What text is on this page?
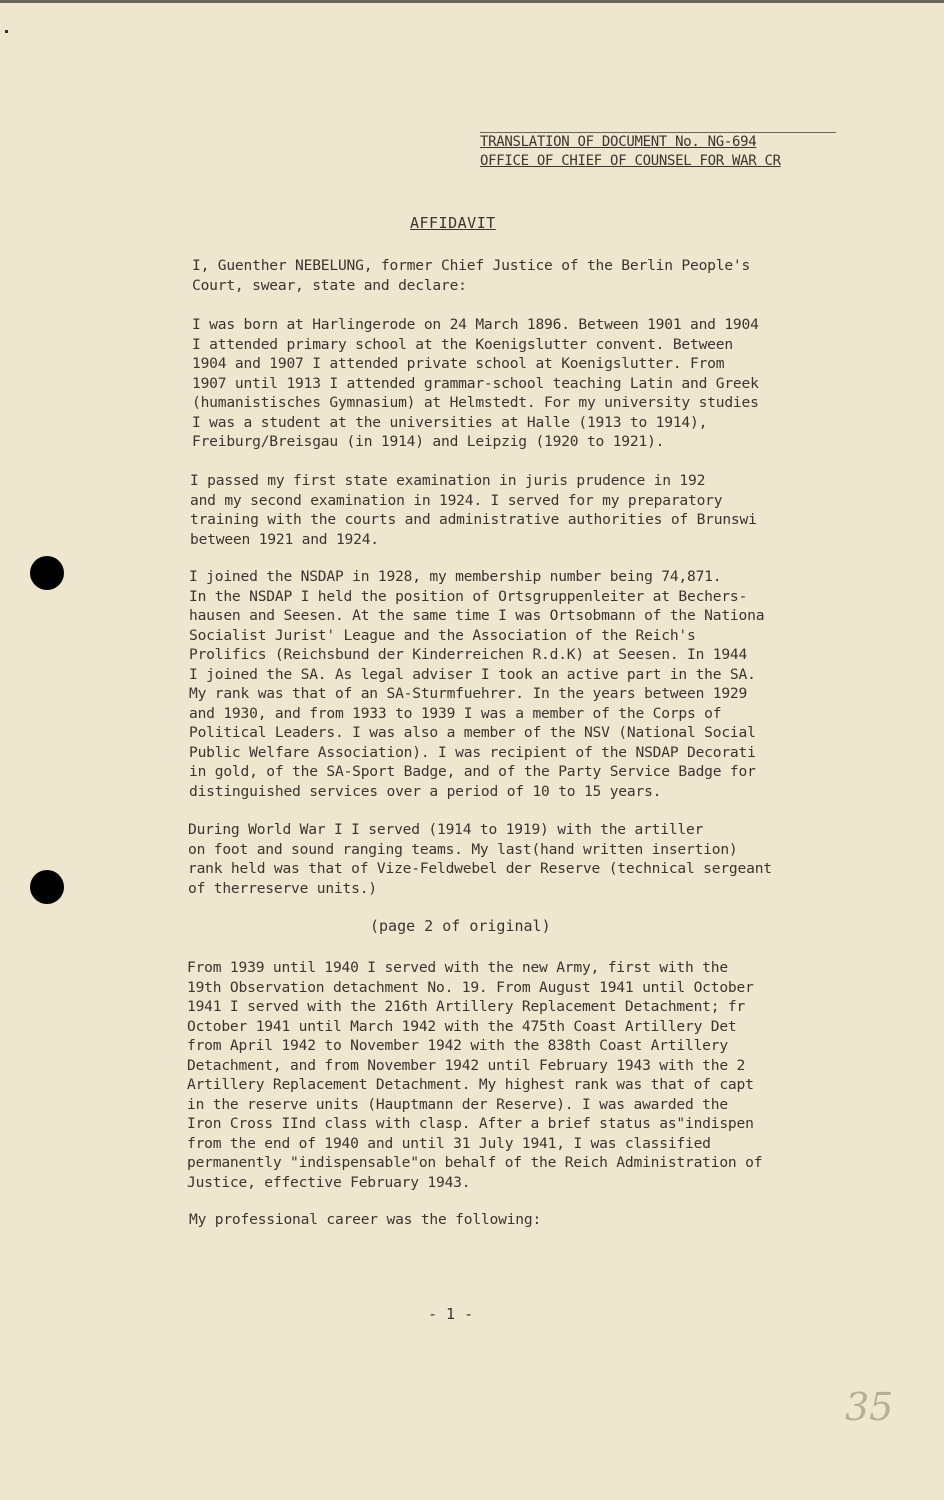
TRANSLATION OF DOCUMENT No. NG-694
OFFICE OF CHIEF OF COUNSEL FOR WAR CR
AFFIDAVIT
I, Guenther NEBELUNG, former Chief Justice of the Berlin People's
Court, swear, state and declare:
I was born at Harlingerode on 24 March 1896. Between 1901 and 1904
I attended primary school at the Koenigslutter convent. Between
1904 and 1907 I attended private school at Koenigslutter. From
1907 until 1913 I attended grammar-school teaching Latin and Greek
(humanistisches Gymnasium) at Helmstedt. For my university studies
I was a student at the universities at Halle (1913 to 1914),
Freiburg/Breisgau (in 1914) and Leipzig (1920 to 1921).
I passed my first state examination in juris prudence in 192
and my second examination in 1924. I served for my preparatory
training with the courts and administrative authorities of Brunswi
between 1921 and 1924.
I joined the NSDAP in 1928, my membership number being 74,871.
In the NSDAP I held the position of Ortsgruppenleiter at Bechers-
hausen and Seesen. At the same time I was Ortsobmann of the Nationa
Socialist Jurist' League and the Association of the Reich's
Prolifics (Reichsbund der Kinderreichen R.d.K) at Seesen. In 1944
I joined the SA. As legal adviser I took an active part in the SA.
My rank was that of an SA-Sturmfuehrer. In the years between 1929
and 1930, and from 1933 to 1939 I was a member of the Corps of
Political Leaders. I was also a member of the NSV (National Social
Public Welfare Association). I was recipient of the NSDAP Decorati
in gold, of the SA-Sport Badge, and of the Party Service Badge for
distinguished services over a period of 10 to 15 years.
During World War I I served (1914 to 1919) with the artiller
on foot and sound ranging teams. My last(hand written insertion)
rank held was that of Vize-Feldwebel der Reserve (technical sergeant
of therreserve units.)
(page 2 of original)
From 1939 until 1940 I served with the new Army, first with the
19th Observation detachment No. 19. From August 1941 until October
1941 I served with the 216th Artillery Replacement Detachment; fr
October 1941 until March 1942 with the 475th Coast Artillery Det
from April 1942 to November 1942 with the 838th Coast Artillery
Detachment, and from November 1942 until February 1943 with the 2
Artillery Replacement Detachment. My highest rank was that of capt
in the reserve units (Hauptmann der Reserve). I was awarded the
Iron Cross IInd class with clasp. After a brief status as"indispen
from the end of 1940 and until 31 July 1941, I was classified
permanently "indispensable"on behalf of the Reich Administration of
Justice, effective February 1943.
My professional career was the following:
- 1 -
35
